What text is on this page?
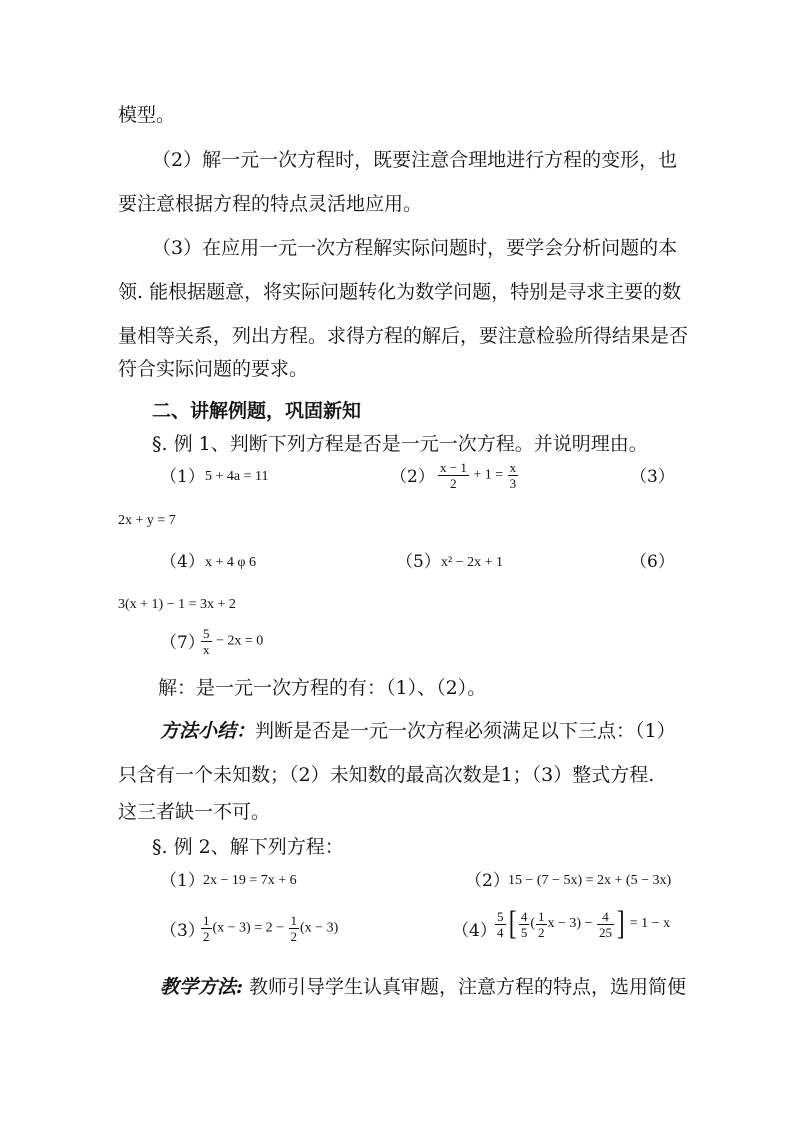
模型。
（2）解一元一次方程时，既要注意合理地进行方程的变形，也
要注意根据方程的特点灵活地应用。
（3）在应用一元一次方程解实际问题时，要学会分析问题的本
领. 能根据题意，将实际问题转化为数学问题，特别是寻求主要的数
量相等关系，列出方程。求得方程的解后，要注意检验所得结果是否
符合实际问题的要求。
二、讲解例题，巩固新知
§. 例 1、判断下列方程是否是一元一次方程。并说明理由。
（1） 5 + 4a = 11	$(2) \frac{x - 1}{2} + 1 = \frac{x}{3}$	（3）
2x + y = 7
（4） x + 4 φ 6	（5） x² − 2x + 1	（6）
3(x + 1) − 1 = 3x + 2
（7）
$\frac{5}{x} - 2x = 0$
解：是一元一次方程的有：（1）、（2）。
方法小结：判断是否是一元一次方程必须满足以下三点：（1）
只含有一个未知数；（2）未知数的最高次数是1；（3）整式方程.
这三者缺一不可。
§. 例 2、解下列方程：
（1）
2x − 19 = 7x + 6	（2）
15 − (7 − 5x) = 2x + (5 − 3x)
（3）
$\frac{1}{2} (x - 3) = 2 - \frac{1}{2} (x - 3)$	（4）
$\frac{5}{4}$ [ $\frac{4}{5}$ ( $\frac{1}{2}$ $x - 3) - \frac{4}{25}$ ] = 1 − x
教学方法: 教师引导学生认真审题，注意方程的特点，选用简便
